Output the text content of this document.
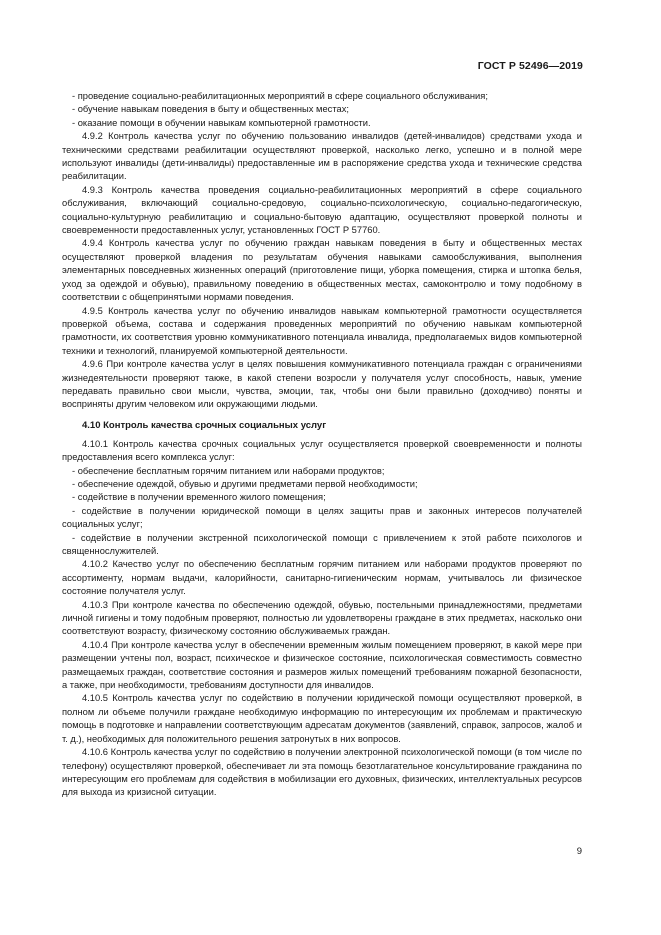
ГОСТ Р 52496—2019

- проведение социально-реабилитационных мероприятий в сфере социального обслуживания;

- обучение навыкам поведения в быту и общественных местах;

- оказание помощи в обучении навыкам компьютерной грамотности.

4.9.2 Контроль качества услуг по обучению пользованию инвалидов (детей-инвалидов) средствами ухода и техническими средствами реабилитации осуществляют проверкой, насколько легко, успешно и в полной мере используют инвалиды (дети-инвалиды) предоставленные им в распоряжение средства ухода и технические средства реабилитации.

4.9.3 Контроль качества проведения социально-реабилитационных мероприятий в сфере социального обслуживания, включающий социально-средовую, социально-психологическую, социально-педагогическую, социально-культурную реабилитацию и социально-бытовую адаптацию, осуществляют проверкой полноты и своевременности предоставленных услуг, установленных ГОСТ Р 57760.

4.9.4 Контроль качества услуг по обучению граждан навыкам поведения в быту и общественных местах осуществляют проверкой владения по результатам обучения навыками самообслуживания, выполнения элементарных повседневных жизненных операций (приготовление пищи, уборка помещения, стирка и штопка белья, уход за одеждой и обувью), правильному поведению в общественных местах, самоконтролю и тому подобному в соответствии с общепринятыми нормами поведения.

4.9.5 Контроль качества услуг по обучению инвалидов навыкам компьютерной грамотности осуществляется проверкой объема, состава и содержания проведенных мероприятий по обучению навыкам компьютерной грамотности, их соответствия уровню коммуникативного потенциала инвалида, предполагаемых видов компьютерной техники и технологий, планируемой компьютерной деятельности.

4.9.6 При контроле качества услуг в целях повышения коммуникативного потенциала граждан с ограничениями жизнедеятельности проверяют также, в какой степени возросли у получателя услуг способность, навык, умение передавать правильно свои мысли, чувства, эмоции, так, чтобы они были правильно (доходчиво) поняты и восприняты другим человеком или окружающими людьми.

4.10 Контроль качества срочных социальных услуг

4.10.1 Контроль качества срочных социальных услуг осуществляется проверкой своевременности и полноты предоставления всего комплекса услуг:

- обеспечение бесплатным горячим питанием или наборами продуктов;

- обеспечение одеждой, обувью и другими предметами первой необходимости;

- содействие в получении временного жилого помещения;

- содействие в получении юридической помощи в целях защиты прав и законных интересов получателей социальных услуг;

- содействие в получении экстренной психологической помощи с привлечением к этой работе психологов и священнослужителей.

4.10.2 Качество услуг по обеспечению бесплатным горячим питанием или наборами продуктов проверяют по ассортименту, нормам выдачи, калорийности, санитарно-гигиеническим нормам, учитывалось ли физическое состояние получателя услуг.

4.10.3 При контроле качества по обеспечению одеждой, обувью, постельными принадлежностями, предметами личной гигиены и тому подобным проверяют, полностью ли удовлетворены граждане в этих предметах, насколько они соответствуют возрасту, физическому состоянию обслуживаемых граждан.

4.10.4 При контроле качества услуг в обеспечении временным жилым помещением проверяют, в какой мере при размещении учтены пол, возраст, психическое и физическое состояние, психологическая совместимость совместно размещаемых граждан, соответствие состояния и размеров жилых помещений требованиям пожарной безопасности, а также, при необходимости, требованиям доступности для инвалидов.

4.10.5 Контроль качества услуг по содействию в получении юридической помощи осуществляют проверкой, в полном ли объеме получили граждане необходимую информацию по интересующим их проблемам и практическую помощь в подготовке и направлении соответствующим адресатам документов (заявлений, справок, запросов, жалоб и т. д.), необходимых для положительного решения затронутых в них вопросов.

4.10.6 Контроль качества услуг по содействию в получении электронной психологической помощи (в том числе по телефону) осуществляют проверкой, обеспечивает ли эта помощь безотлагательное консультирование гражданина по интересующим его проблемам для содействия в мобилизации его духовных, физических, интеллектуальных ресурсов для выхода из кризисной ситуации.

9
